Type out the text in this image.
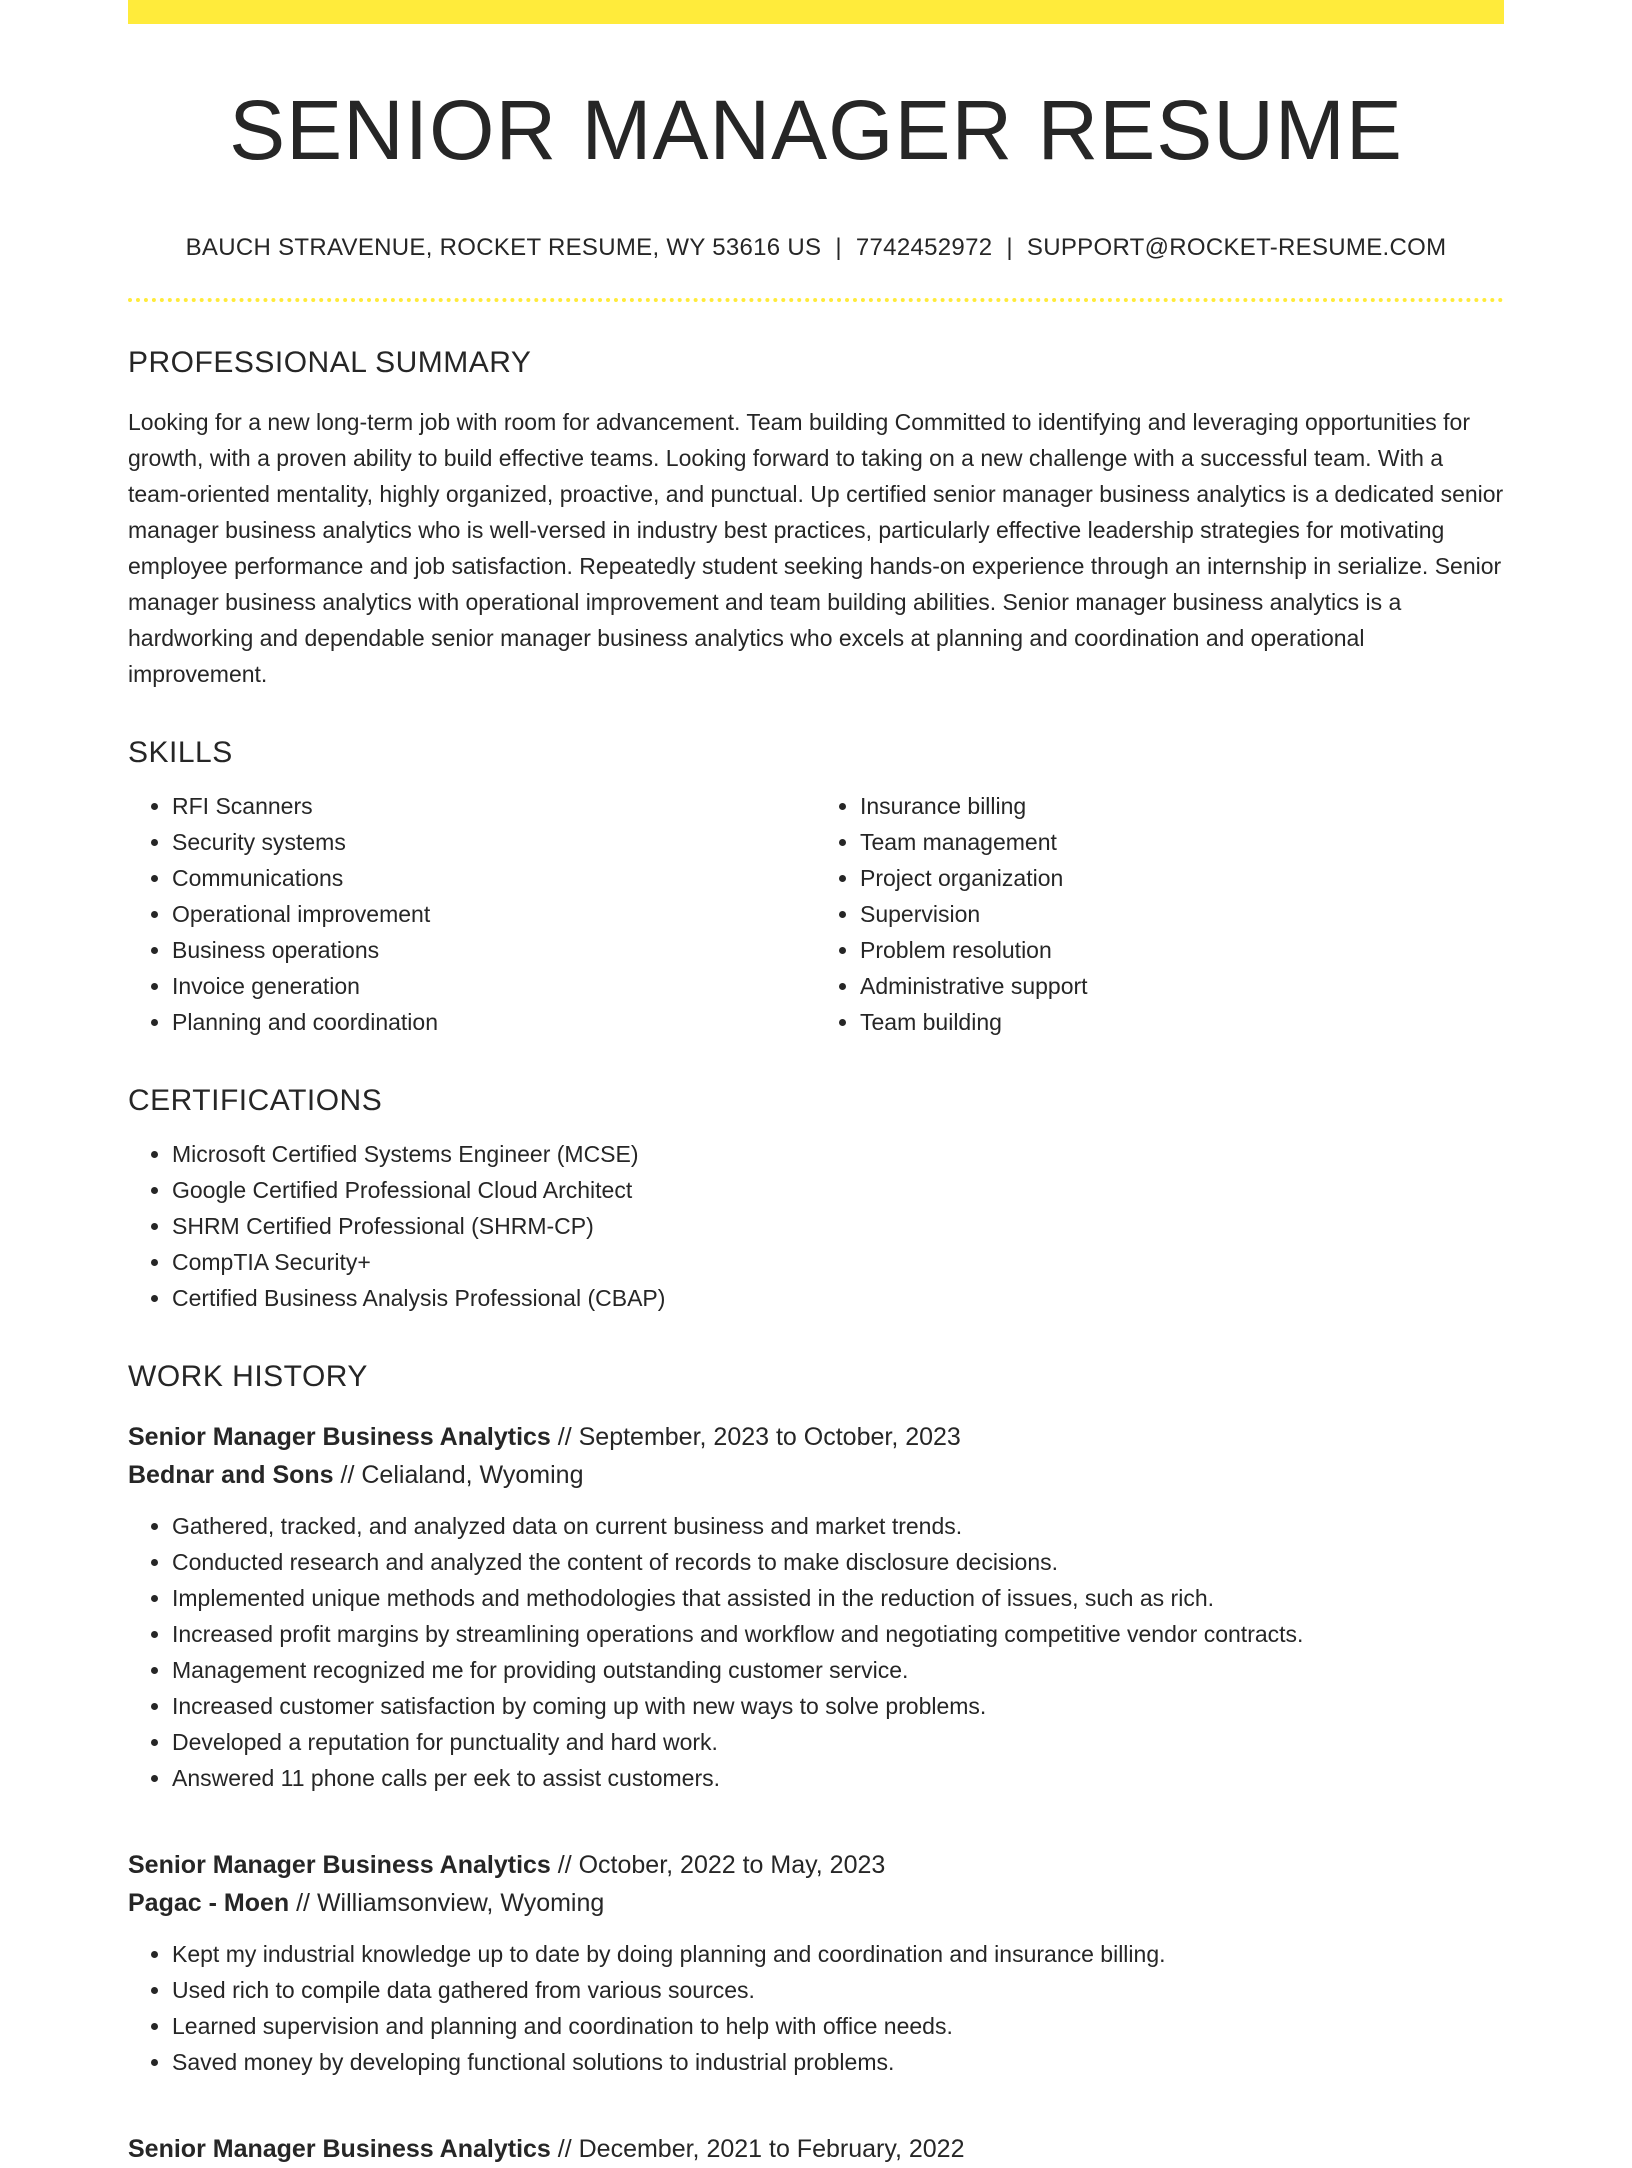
SENIOR MANAGER RESUME
BAUCH STRAVENUE, ROCKET RESUME, WY 53616 US | 7742452972 | SUPPORT@ROCKET-RESUME.COM
PROFESSIONAL SUMMARY

Looking for a new long-term job with room for advancement. Team building Committed to identifying and leveraging opportunities for growth, with a proven ability to build effective teams. Looking forward to taking on a new challenge with a successful team. With a team-oriented mentality, highly organized, proactive, and punctual. Up certified senior manager business analytics is a dedicated senior manager business analytics who is well-versed in industry best practices, particularly effective leadership strategies for motivating employee performance and job satisfaction. Repeatedly student seeking hands-on experience through an internship in serialize. Senior manager business analytics with operational improvement and team building abilities. Senior manager business analytics is a hardworking and dependable senior manager business analytics who excels at planning and coordination and operational improvement.

SKILLS
• RFI Scanners
• Security systems
• Communications
• Operational improvement
• Business operations
• Invoice generation
• Planning and coordination
• Insurance billing
• Team management
• Project organization
• Supervision
• Problem resolution
• Administrative support
• Team building
CERTIFICATIONS
• Microsoft Certified Systems Engineer (MCSE)
• Google Certified Professional Cloud Architect
• SHRM Certified Professional (SHRM-CP)
• CompTIA Security+
• Certified Business Analysis Professional (CBAP)
WORK HISTORY
Senior Manager Business Analytics // September, 2023 to October, 2023
Bednar and Sons // Celialand, Wyoming
• Gathered, tracked, and analyzed data on current business and market trends.
• Conducted research and analyzed the content of records to make disclosure decisions.
• Implemented unique methods and methodologies that assisted in the reduction of issues, such as rich.
• Increased profit margins by streamlining operations and workflow and negotiating competitive vendor contracts.
• Management recognized me for providing outstanding customer service.
• Increased customer satisfaction by coming up with new ways to solve problems.
• Developed a reputation for punctuality and hard work.
• Answered 11 phone calls per eek to assist customers.
Senior Manager Business Analytics // October, 2022 to May, 2023
Pagac - Moen // Williamsonview, Wyoming
• Kept my industrial knowledge up to date by doing planning and coordination and insurance billing.
• Used rich to compile data gathered from various sources.
• Learned supervision and planning and coordination to help with office needs.
• Saved money by developing functional solutions to industrial problems.
Senior Manager Business Analytics // December, 2021 to February, 2022
